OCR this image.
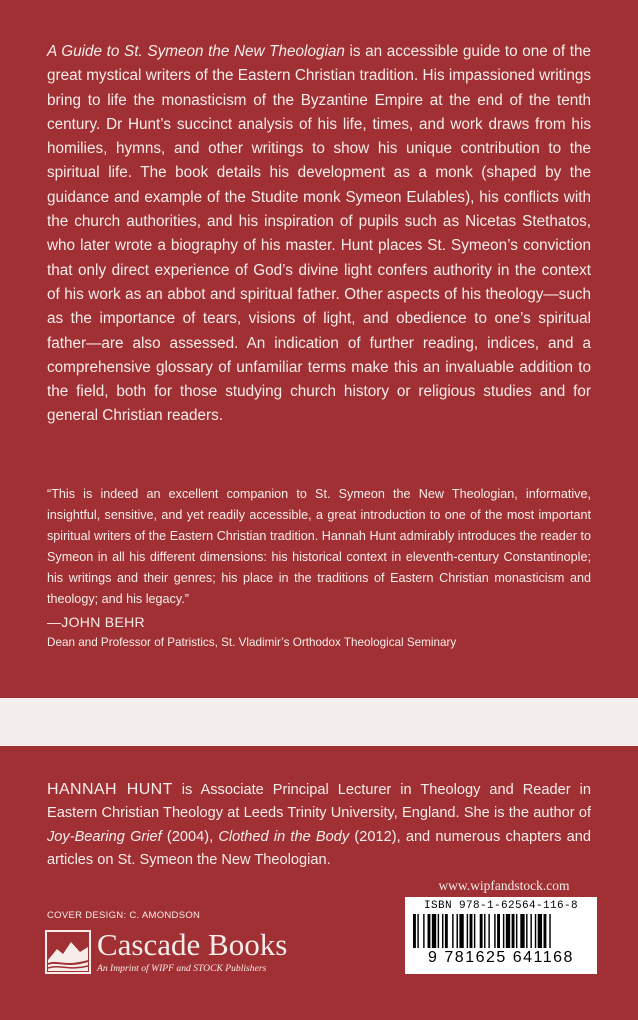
A Guide to St. Symeon the New Theologian is an accessible guide to one of the great mystical writers of the Eastern Christian tradition. His impassioned writings bring to life the monasticism of the Byzantine Empire at the end of the tenth century. Dr Hunt’s succinct analysis of his life, times, and work draws from his homilies, hymns, and other writings to show his unique contribution to the spiritual life. The book details his development as a monk (shaped by the guidance and example of the Studite monk Symeon Eulables), his conflicts with the church authorities, and his inspiration of pupils such as Nicetas Stethatos, who later wrote a biography of his master. Hunt places St. Symeon’s conviction that only direct experience of God’s divine light confers authority in the context of his work as an abbot and spiritual father. Other aspects of his theology—such as the importance of tears, visions of light, and obedience to one’s spiritual father—are also assessed. An indication of further reading, indices, and a comprehensive glossary of unfamiliar terms make this an invaluable addition to the field, both for those studying church history or religious studies and for general Christian readers.

“This is indeed an excellent companion to St. Symeon the New Theologian, informative, insightful, sensitive, and yet readily accessible, a great introduction to one of the most important spiritual writers of the Eastern Christian tradition. Hannah Hunt admirably introduces the reader to Symeon in all his different dimensions: his historical context in eleventh-century Constantinople; his writings and their genres; his place in the traditions of Eastern Christian monasticism and theology; and his legacy.”

—JOHN BEHR
Dean and Professor of Patristics, St. Vladimir’s Orthodox Theological Seminary

HANNAH HUNT is Associate Principal Lecturer in Theology and Reader in Eastern Christian Theology at Leeds Trinity University, England. She is the author of Joy-Bearing Grief (2004), Clothed in the Body (2012), and numerous chapters and articles on St. Symeon the New Theologian.

COVER DESIGN: C. AMONDSON
Cascade Books
An Imprint of WIPF and STOCK Publishers
www.wipfandstock.com
ISBN 978-1-62564-116-8
9 781625 641168
